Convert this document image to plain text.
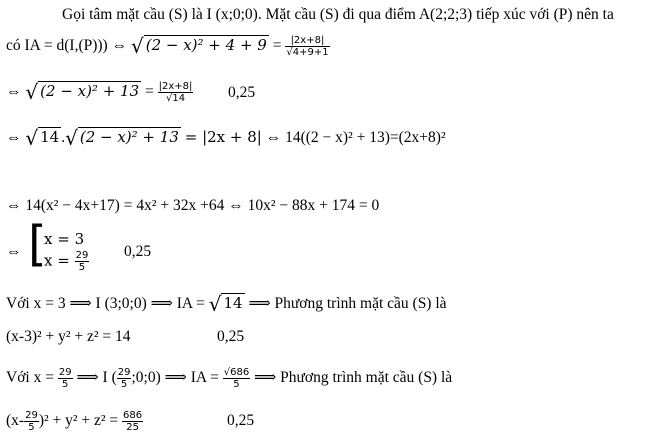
Gọi tâm mặt cầu (S) là I (x;0;0). Mặt cầu (S) đi qua điểm A(2;2;3) tiếp xúc với (P) nên ta
có IA = d(I,(P))) ⇔ √ $(2 - x)^2 + 4 + 9 = \frac{|2x+8|}{√4+9+1}$
⇔ √ $(2 - x)^2 + 13 = \frac{|2x+8|}{√14} 0,25$
⇔ √ 14 .√ (2 − x)² + 13 = |2x + 8| ⇔ 14((2 − x)² + 13)=(2x+8)²
⇔ 14(x² − 4x+17) = 4x² + 32x +64 ⇔ 10x² − 88x + 174 = 0
⇔ [
x = 3
$x = \frac{29}{5} 0,25$
Với x = 3 ⟹ I (3;0;0) ⟹ IA = √ 14 ⟹ Phương trình mặt cầu (S) là
(x-3)² + y² + z² = 14	0,25
Với $x = \frac{29}{5}$ ⟹ I ( $\frac{29}{5}$ ;0;0) ⟹ IA = $\frac{√686}{5}$ ⟹ Phương trình mặt cầu (S) là
$(x- \frac{29}{5} )^2 + y^2 + z^2 = \frac{686}{25}$	0,25
